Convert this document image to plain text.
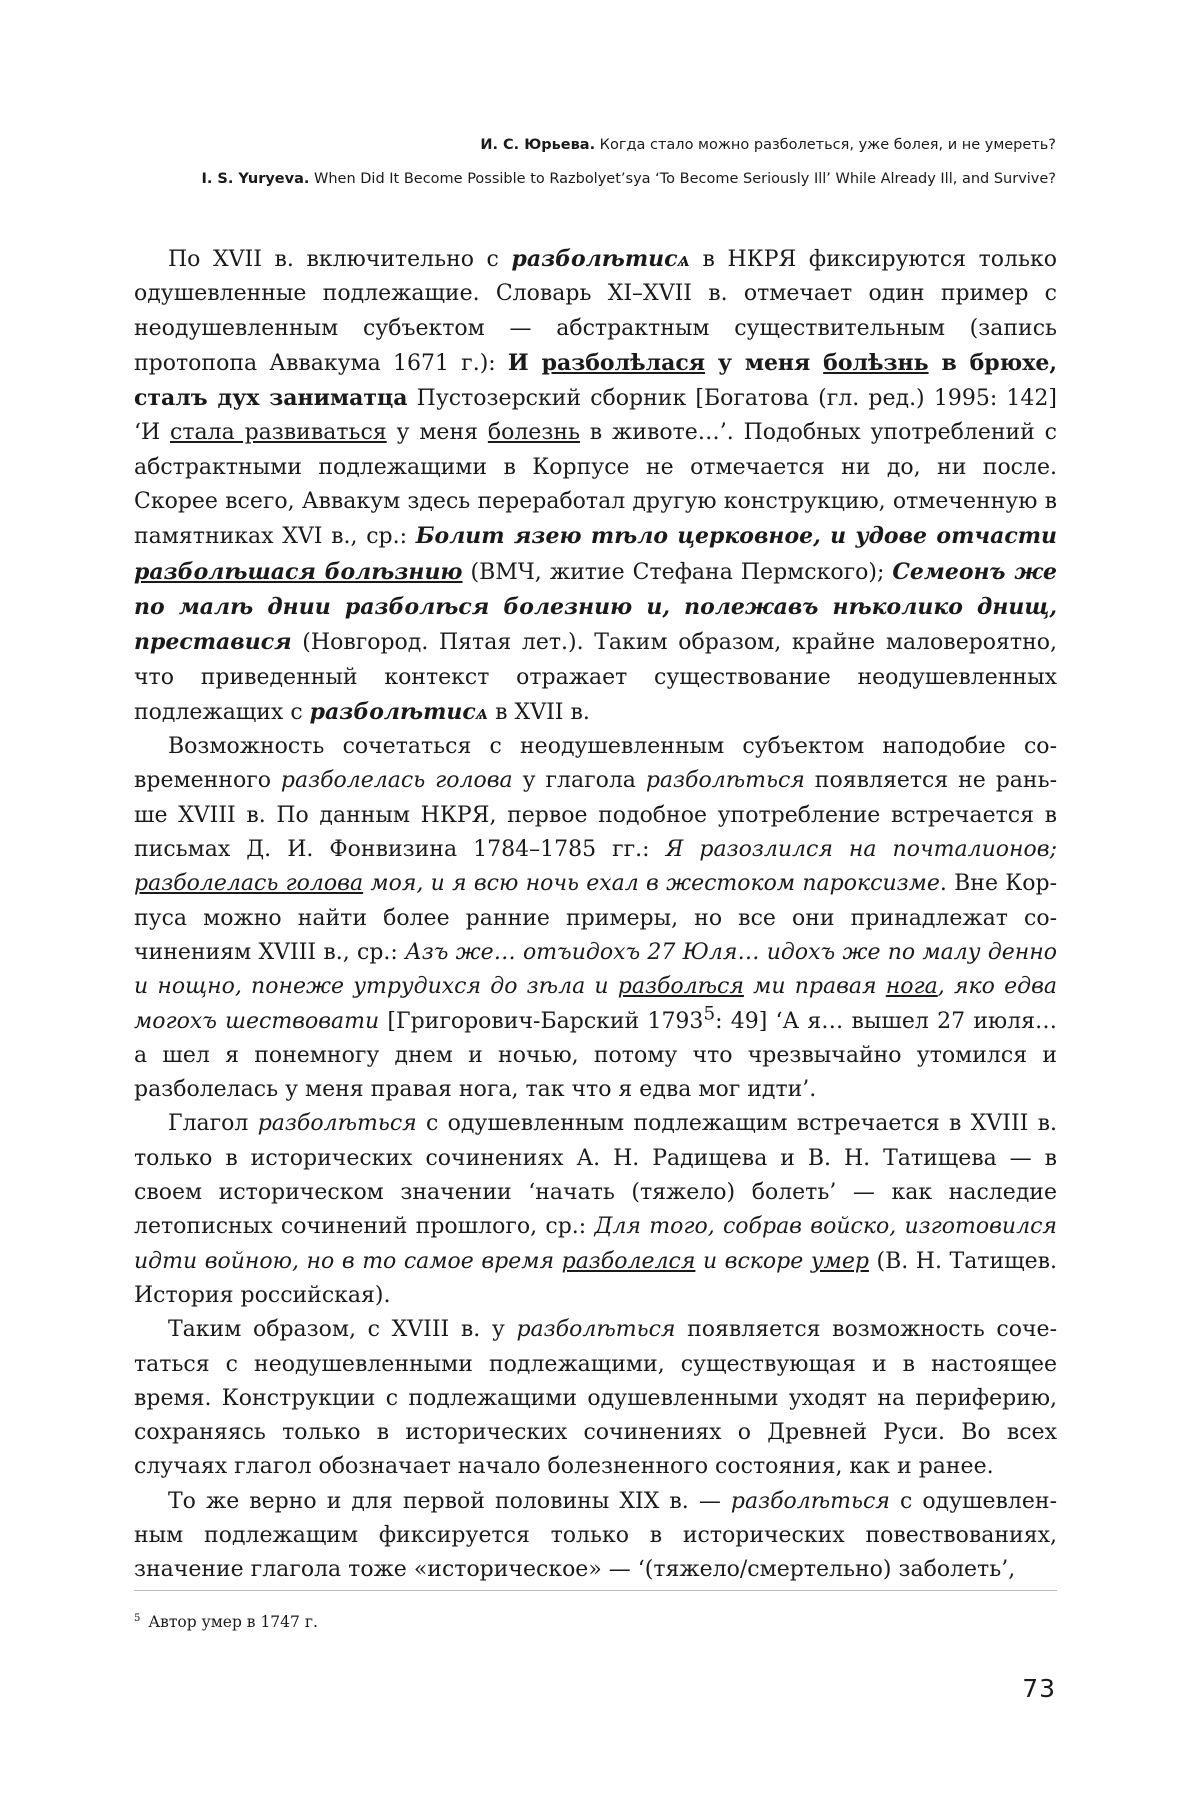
И. С. Юрьева. Когда стало можно разболеться, уже болея, и не умереть?
I. S. Yuryeva. When Did It Become Possible to Razbolyet’sya ‘To Become Seriously Ill’ While Already Ill, and Survive?

По XVII в. включительно с разболѣтисѧ в НКРЯ фиксируются только одушевленные подлежащие. Словарь XI–XVII в. отмечает один пример с неодушевленным субъектом — абстрактным существительным (запись протопопа Аввакума 1671 г.): И разболѣлася у меня болѣзнь в брюхе, сталъ дух заниматца Пустозерский сборник [Богатова (гл. ред.) 1995: 142] ‘И стала развиваться у меня болезнь в животе…’. Подобных употреблений с абстрактными подлежащими в Корпусе не отмечается ни до, ни после. Скорее всего, Аввакум здесь переработал другую конструкцию, отмеченную в памятниках XVI в., ср.: Болит язею тѣло церковное, и удове отчасти разболѣшася болѣзнию (ВМЧ, житие Стефана Пермского); Семеонъ же по малѣ днии разболѣся болезнию и, полежавъ нѣколико днищ, преставися (Новгород. Пятая лет.). Таким образом, крайне маловероятно, что приведенный контекст отражает существование неодушевленных подлежащих с разболѣтисѧ в XVII в.

Возможность сочетаться с неодушевленным субъектом наподобие современного разболелась голова у глагола разболѣться появляется не раньше XVIII в. По данным НКРЯ, первое подобное употребление встречается в письмах Д. И. Фонвизина 1784–1785 гг.: Я разозлился на почталионов; разболелась голова моя, и я всю ночь ехал в жестоком пароксизме. Вне Корпуса можно найти более ранние примеры, но все они принадлежат сочинениям XVIII в., ср.: Азъ же… отъидохъ 27 Юля… идохъ же по малу денно и нощно, понеже утрудихся до зѣла и разболѣся ми правая нога, яко едва могохъ шествовати [Григорович-Барский 1793$^5$: 49] ‘А я… вышел 27 июля… а шел я понемногу днем и ночью, потому что чрезвычайно утомился и разболелась у меня правая нога, так что я едва мог идти’.

Глагол разболѣться с одушевленным подлежащим встречается в XVIII в. только в исторических сочинениях А. Н. Радищева и В. Н. Татищева — в своем историческом значении ‘начать (тяжело) болеть’ — как наследие летописных сочинений прошлого, ср.: Для того, собрав войско, изготовился идти войною, но в то самое время разболелся и вскоре умер (В. Н. Татищев. История российская).

Таким образом, с XVIII в. у разболѣться появляется возможность сочетаться с неодушевленными подлежащими, существующая и в настоящее время. Конструкции с подлежащими одушевленными уходят на периферию, сохраняясь только в исторических сочинениях о Древней Руси. Во всех случаях глагол обозначает начало болезненного состояния, как и ранее.

То же верно и для первой половины XIX в. — разболѣться с одушевленным подлежащим фиксируется только в исторических повествованиях, значение глагола тоже «историческое» — ‘(тяжело/смертельно) заболеть’,

$^5$ Автор умер в 1747 г.
73
